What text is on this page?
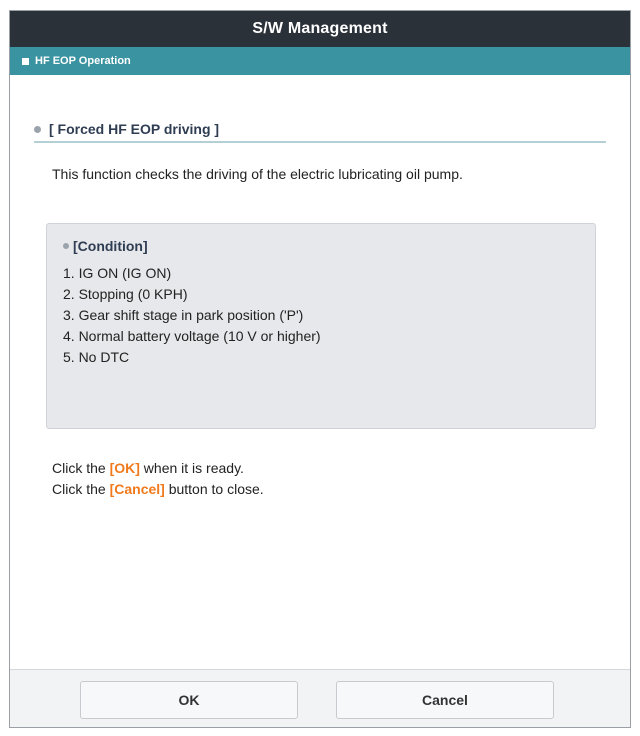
S/W Management
HF EOP Operation
[ Forced HF EOP driving ]
This function checks the driving of the electric lubricating oil pump.
[Condition]
1. IG ON (IG ON)
2. Stopping (0 KPH)
3. Gear shift stage in park position ('P')
4. Normal battery voltage (10 V or higher)
5. No DTC
Click the [OK] when it is ready.
Click the [Cancel] button to close.
OK	Cancel
